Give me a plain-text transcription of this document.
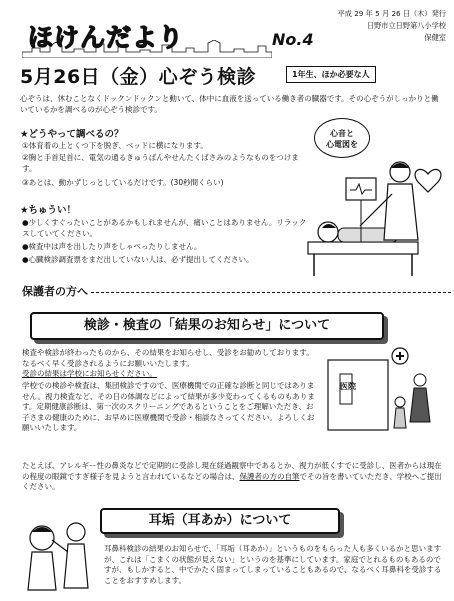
ほけんだより	No.4
平成 29 年 5 月 26 日（木）発行
日野市立日野第八小学校
保健室
5月26日（金）心ぞう検診	1年生、ほか必要な人
心ぞうは、休むことなくドックンドックンと動いて、体中に血液を送っている働き者の臓器です。その心ぞうがしっかりと働いているかを調べるのが心ぞう検診です。
★どうやって調べるの？
①体育着の上とくつ下を脱ぎ、ベッドに横になります。
②胸と手首足首に、電気の通るきゅうばんやせんたくばさみのようなものをつけます。
③あとは、動かずじっとしているだけです。(30秒間くらい)
★ちゅうい！
●少しくすぐったいことがあるかもしれませんが、痛いことはありません。リラックスしていてください。
●検査中は声を出したり声をしゃべったりしません。
●心臓検診調査票をまだ出していない人は、必ず提出してください。
心音と
心電図を
保護者の方へ
検診・検査の「結果のお知らせ」について
検査や検診が終わったものから、その結果をお知らせし、受診をお勧めしております。なるべく早く受診されるようにお願いいたします。
受診の結果は学校にお知らせください。
学校での検診や検査は、集団検診ですので、医療機関での正確な診断と同じではありません。視力検査など、その日の体調などによって結果が多少変わってくるものもあります。定期健康診断は、第一次のスクリーニングであるということをご理解いただき、お子さまの健康のために、お早めに医療機関で受診・相談なさってください。よろしくお願いいたします。
医院
たとえば、アレルギー性の鼻炎などで定期的に受診し現在経過観察中であるとか、視力が低くすでに受診し、医者からは現在の程度の眼鏡ですぎ様子を見ようと言われているなどの場合は、保護者の方の自筆でその旨を書いていただき、学校へご提出ください。
耳垢（耳あか）について
耳鼻科検診の結果のお知らせで、「耳垢（耳あか）」というものをもらった人も多くいるかと思いますが、これは「こまくの状態が見えない」というのを基準にしています。家庭でとれるものもあるのですが、もしかすると、中でかたく固まってしまっていることもあるので、なるべく耳鼻科を受診することをおすすめします。
